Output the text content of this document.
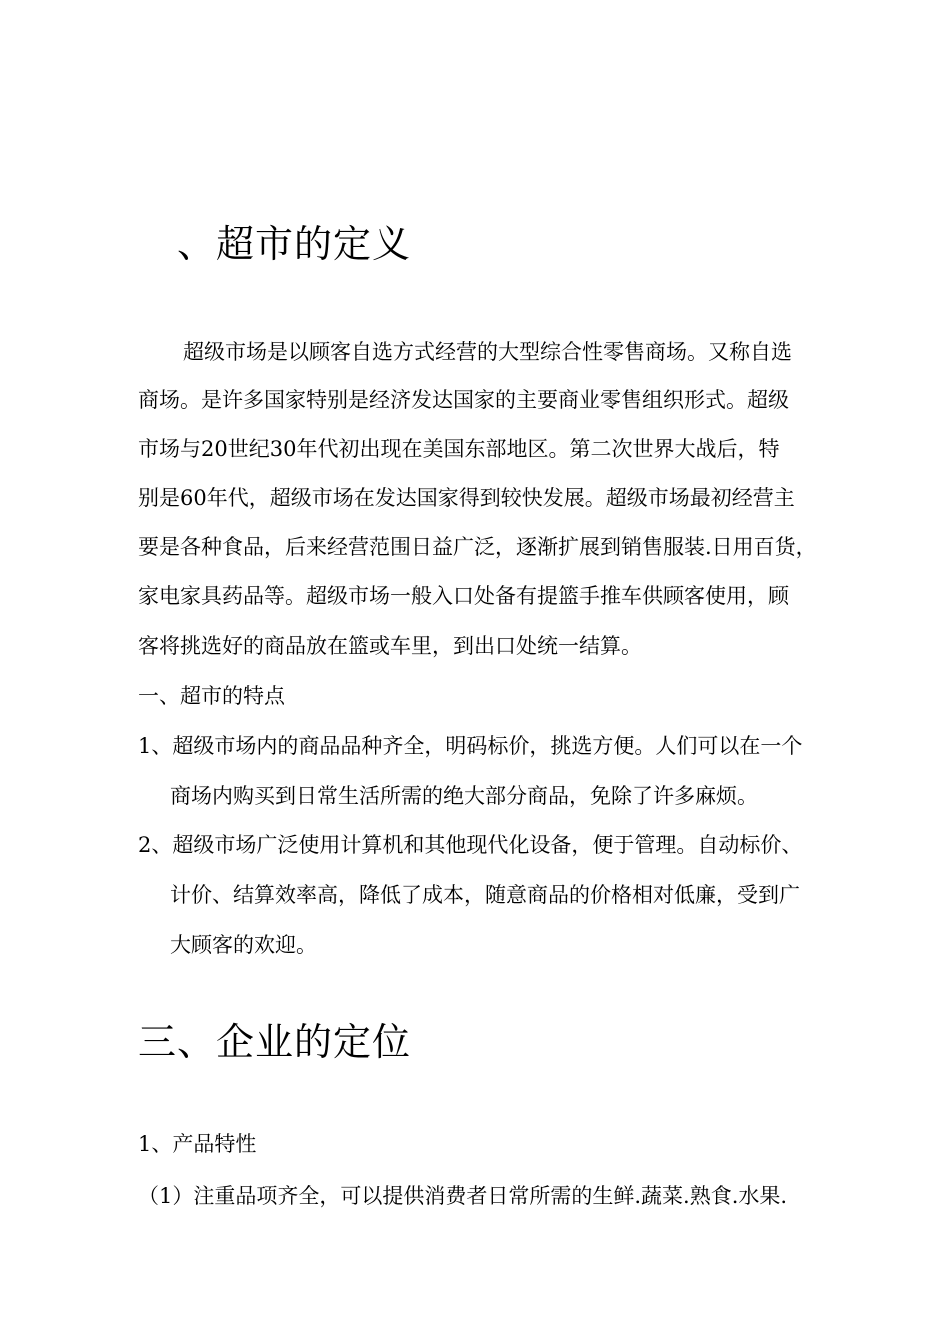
、超市的定义
超级市场是以顾客自选方式经营的大型综合性零售商场。又称自选
商场。是许多国家特别是经济发达国家的主要商业零售组织形式。超级
市场与20世纪30年代初出现在美国东部地区。第二次世界大战后，特
别是60年代，超级市场在发达国家得到较快发展。超级市场最初经营主
要是各种食品，后来经营范围日益广泛，逐渐扩展到销售服装.日用百货，
家电家具药品等。超级市场一般入口处备有提篮手推车供顾客使用，顾
客将挑选好的商品放在篮或车里，到出口处统一结算。
一、超市的特点
1、超级市场内的商品品种齐全，明码标价，挑选方便。人们可以在一个
商场内购买到日常生活所需的绝大部分商品，免除了许多麻烦。
2、超级市场广泛使用计算机和其他现代化设备，便于管理。自动标价、
计价、结算效率高，降低了成本，随意商品的价格相对低廉，受到广
大顾客的欢迎。
三、企业的定位
1、产品特性
（1）注重品项齐全，可以提供消费者日常所需的生鲜.蔬菜.熟食.水果.
